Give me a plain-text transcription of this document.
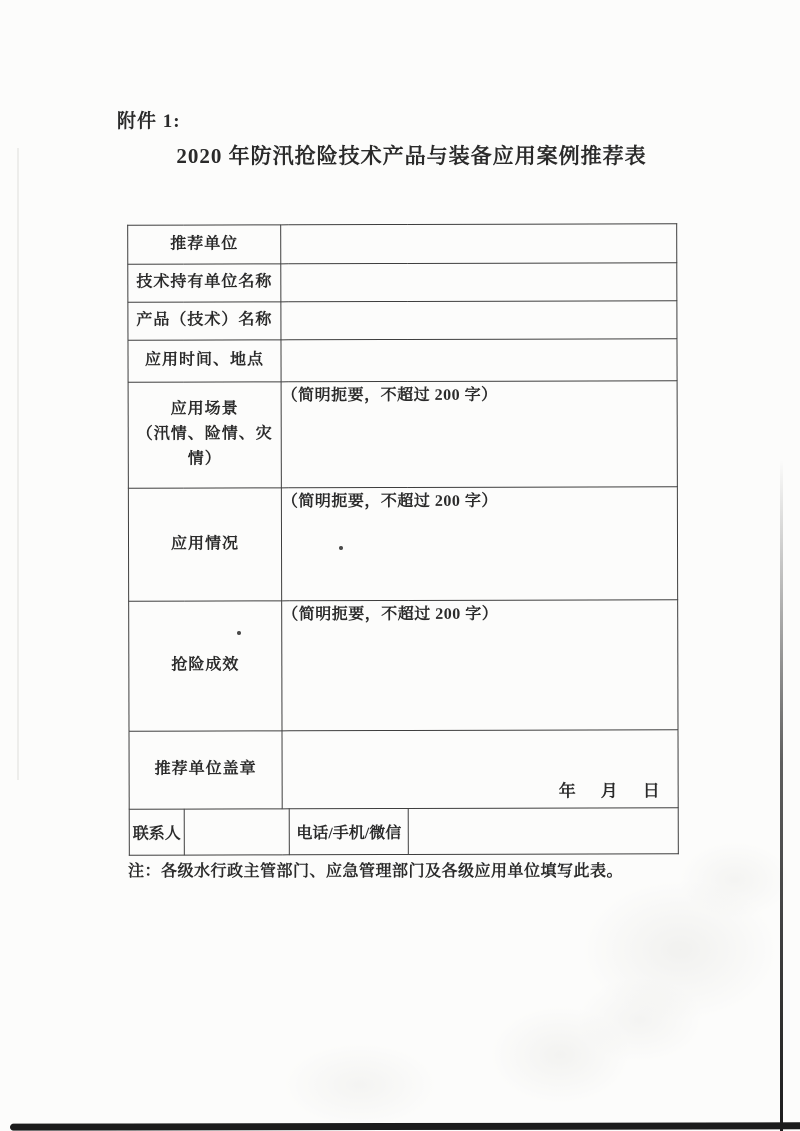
附件 1:
2020 年防汛抢险技术产品与装备应用案例推荐表
推荐单位				
技术持有单位名称				
产品（技术）名称				
应用时间、地点				
应用场景
（汛情、险情、灾
情）		（简明扼要，不超过 200 字）		
应用情况		（简明扼要，不超过 200 字）		
抢险成效		（简明扼要，不超过 200 字）		
推荐单位盖章		年　月　日		

联系人			电话/手机/微信	
注：各级水行政主管部门、应急管理部门及各级应用单位填写此表。
